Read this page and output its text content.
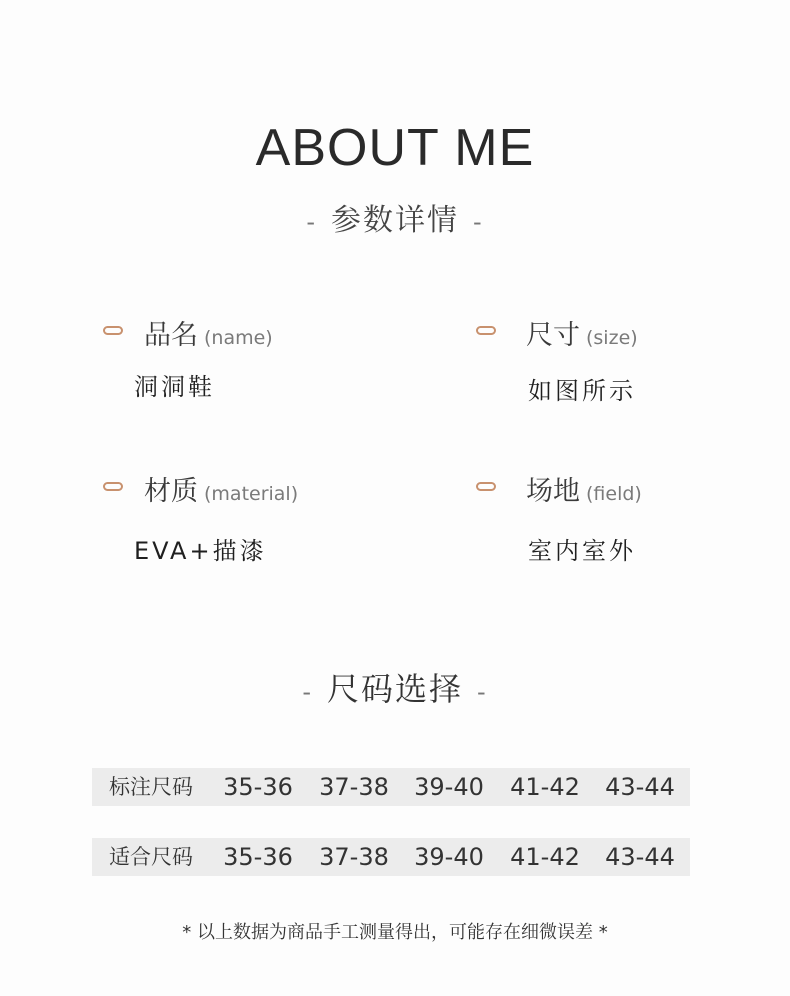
ABOUT ME
- 参数详情 -
品名 (name)
洞洞鞋
尺寸 (size)
如图所示
材质 (material)
EVA+描漆
场地 (field)
室内室外
- 尺码选择 -
标注尺码	35-36	37-38	39-40	41-42	43-44
适合尺码	35-36	37-38	39-40	41-42	43-44
* 以上数据为商品手工测量得出，可能存在细微误差 *
